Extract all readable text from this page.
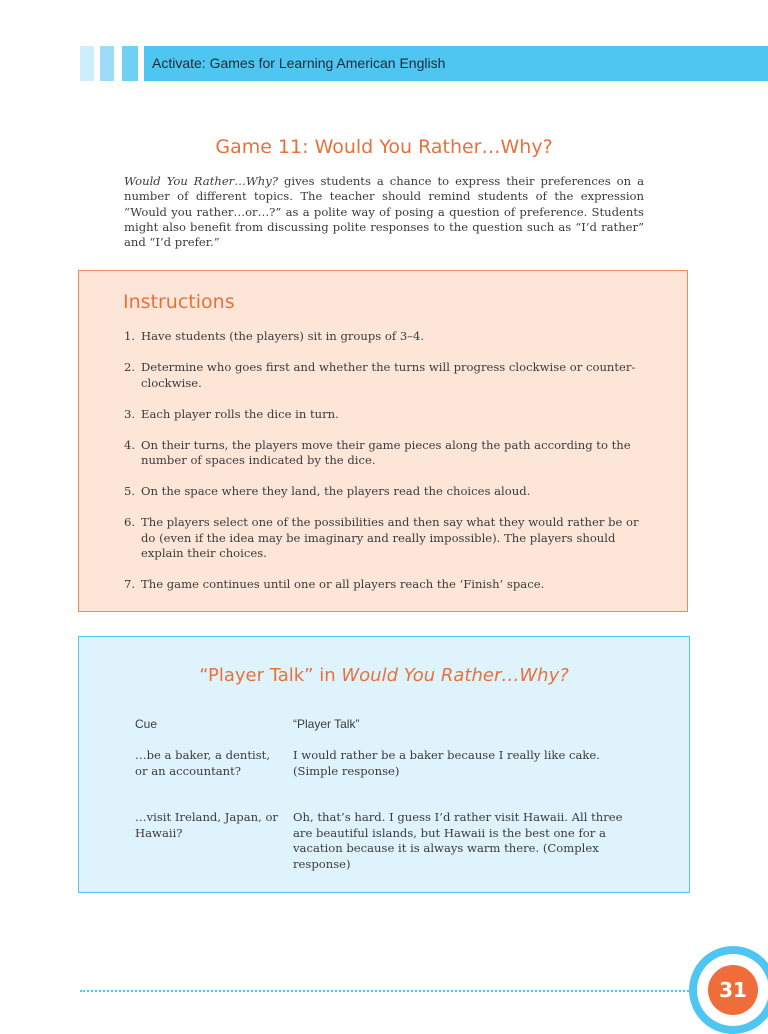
Activate: Games for Learning American English
Game 11: Would You Rather…Why?
Would You Rather…Why? gives students a chance to express their preferences on a number of different topics. The teacher should remind students of the expression “Would you rather…or…?” as a polite way of posing a question of preference. Students might also benefit from discussing polite responses to the question such as “I’d rather” and “I’d prefer.”
Instructions
1. Have students (the players) sit in groups of 3–4.
2. Determine who goes first and whether the turns will progress clockwise or counter-clockwise.
3. Each player rolls the dice in turn.
4. On their turns, the players move their game pieces along the path according to the number of spaces indicated by the dice.
5. On the space where they land, the players read the choices aloud.
6. The players select one of the possibilities and then say what they would rather be or do (even if the idea may be imaginary and really impossible). The players should explain their choices.
7. The game continues until one or all players reach the ‘Finish’ space.
“Player Talk” in Would You Rather…Why?
Cue	“Player Talk”
…be a baker, a dentist, or an accountant?
I would rather be a baker because I really like cake. (Simple response)
…visit Ireland, Japan, or Hawaii?
Oh, that’s hard. I guess I’d rather visit Hawaii. All three are beautiful islands, but Hawaii is the best one for a vacation because it is always warm there. (Complex response)
31
